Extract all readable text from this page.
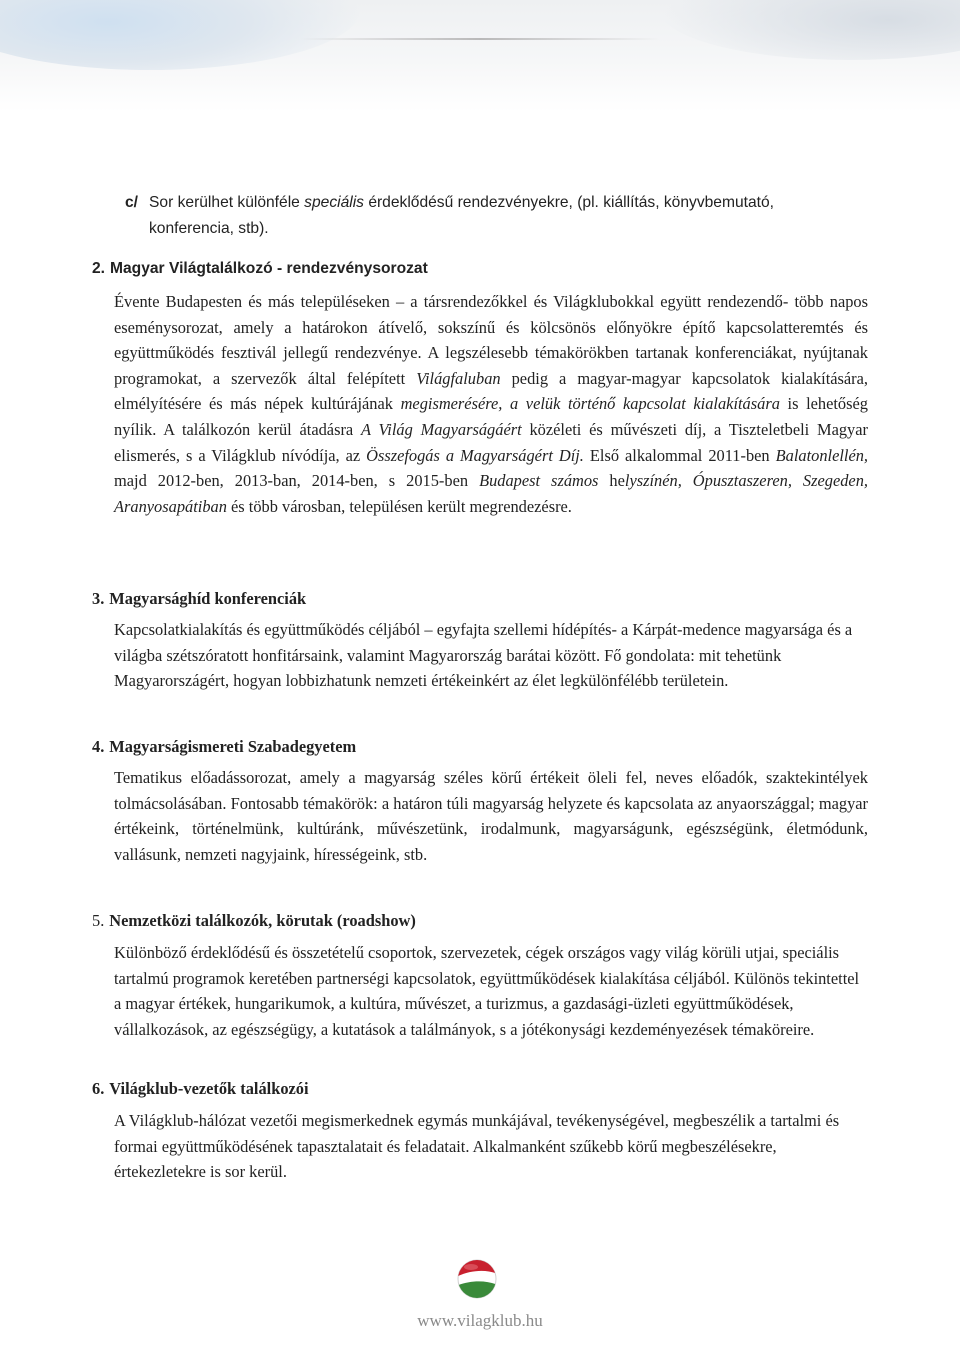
c/ Sor kerülhet különféle speciális érdeklődésű rendezvényekre, (pl. kiállítás, könyvbemutató,
konferencia, stb).
2. Magyar Világtalálkozó - rendezvénysorozat
Évente Budapesten és más településeken – a társrendezőkkel és Világklubokkal együtt rendezendő- több napos eseménysorozat, amely a határokon átívelő, sokszínű és kölcsönös előnyökre építő kapcsolatteremtés és együttműködés fesztivál jellegű rendezvénye. A legszélesebb témakörökben tartanak konferenciákat, nyújtanak programokat, a szervezők által felépített Világfaluban pedig a magyar-magyar kapcsolatok kialakítására, elmélyítésére és más népek kultúrájának megismerésére, a velük történő kapcsolat kialakítására is lehetőség nyílik. A találkozón kerül átadásra A Világ Magyarságáért közéleti és művészeti díj, a Tiszteletbeli Magyar elismerés, s a Világklub nívódíja, az Összefogás a Magyarságért Díj. Első alkalommal 2011-ben Balatonlellén, majd 2012-ben, 2013-ban, 2014-ben, s 2015-ben Budapest számos helyszínén, Ópusztaszeren, Szegeden, Aranyosapátiban és több városban, településen került megrendezésre.
3. Magyarsághíd konferenciák
Kapcsolatkialakítás és együttműködés céljából – egyfajta szellemi hídépítés- a Kárpát-medence magyarsága és a világba szétszóratott honfitársaink, valamint Magyarország barátai között. Fő gondolata: mit tehetünk Magyarországért, hogyan lobbizhatunk nemzeti értékeinkért az élet legkülönfélébb területein.
4. Magyarságismereti Szabadegyetem
Tematikus előadássorozat, amely a magyarság széles körű értékeit öleli fel, neves előadók, szaktekintélyek tolmácsolásában. Fontosabb témakörök: a határon túli magyarság helyzete és kapcsolata az anyaországgal; magyar értékeink, történelmünk, kultúránk, művészetünk, irodalmunk, magyarságunk, egészségünk, életmódunk, vallásunk, nemzeti nagyjaink, hírességeink, stb.
5. Nemzetközi találkozók, körutak (roadshow)
Különböző érdeklődésű és összetételű csoportok, szervezetek, cégek országos vagy világ körüli utjai, speciális tartalmú programok keretében partnerségi kapcsolatok, együttműködések kialakítása céljából. Különös tekintettel a magyar értékek, hungarikumok, a kultúra, művészet, a turizmus, a gazdasági-üzleti együttműködések, vállalkozások, az egészségügy, a kutatások a találmányok, s a jótékonysági kezdeményezések témaköreire.
6. Világklub-vezetők találkozói
A Világklub-hálózat vezetői megismerkednek egymás munkájával, tevékenységével, megbeszélik a tartalmi és formai együttműködésének tapasztalatait és feladatait. Alkalmanként szűkebb körű megbeszélésekre, értekezletekre is sor kerül.
www.vilagklub.hu
